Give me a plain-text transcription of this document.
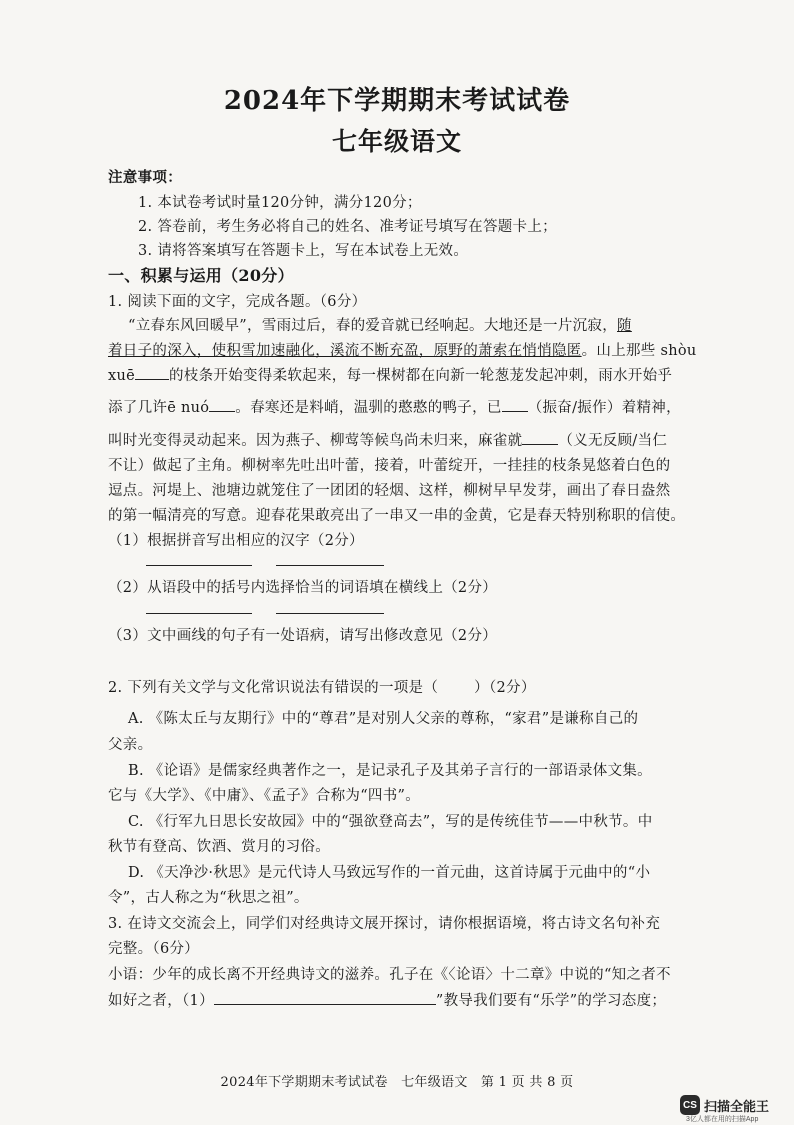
2024年下学期期末考试试卷
七年级语文
注意事项：
1. 本试卷考试时量120分钟，满分120分；
2. 答卷前，考生务必将自己的姓名、准考证号填写在答题卡上；
3. 请将答案填写在答题卡上，写在本试卷上无效。
一、积累与运用（20分）
1. 阅读下面的文字，完成各题。（6分）
“立春东风回暖早”，雪雨过后，春的爱音就已经响起。大地还是一片沉寂，随
着日子的深入，使积雪加速融化，溪流不断充盈，原野的萧索在悄悄隐匿。山上那些 shòu
xuē 的枝条开始变得柔软起来，每一棵树都在向新一轮葱茏发起冲刺，雨水开始乎
添了几许ē nuó 。春寒还是料峭，温驯的憨憨的鸭子，已 （振奋/振作）着精神，
叫时光变得灵动起来。因为燕子、柳莺等候鸟尚未归来，麻雀就 （义无反顾/当仁
不让）做起了主角。柳树率先吐出叶蕾，接着，叶蕾绽开，一挂挂的枝条晃悠着白色的
逗点。河堤上、池塘边就笼住了一团团的轻烟、这样，柳树早早发芽，画出了春日盎然
的第一幅清亮的写意。迎春花果敢亮出了一串又一串的金黄，它是春天特别称职的信使。
（1）根据拼音写出相应的汉字（2分）
（2）从语段中的括号内选择恰当的词语填在横线上（2分）
（3）文中画线的句子有一处语病，请写出修改意见（2分）
2. 下列有关文学与文化常识说法有错误的一项是（ ）（2分）
A. 《陈太丘与友期行》中的“尊君”是对别人父亲的尊称，“家君”是谦称自己的
父亲。
B. 《论语》是儒家经典著作之一，是记录孔子及其弟子言行的一部语录体文集。
它与《大学》、《中庸》、《孟子》合称为“四书”。
C. 《行军九日思长安故园》中的“强欲登高去”，写的是传统佳节——中秋节。中
秋节有登高、饮酒、赏月的习俗。
D. 《天净沙·秋思》是元代诗人马致远写作的一首元曲，这首诗属于元曲中的“小
令”，古人称之为“秋思之祖”。
3. 在诗文交流会上，同学们对经典诗文展开探讨，请你根据语境，将古诗文名句补充
完整。（6分）
小语：少年的成长离不开经典诗文的滋养。孔子在《〈论语〉十二章》中说的“知之者不
如好之者，（1）	”教导我们要有“乐学”的学习态度；
2024年下学期期末考试试卷　七年级语文　第 1 页 共 8 页
CS 扫描全能王
3亿人都在用的扫描App
